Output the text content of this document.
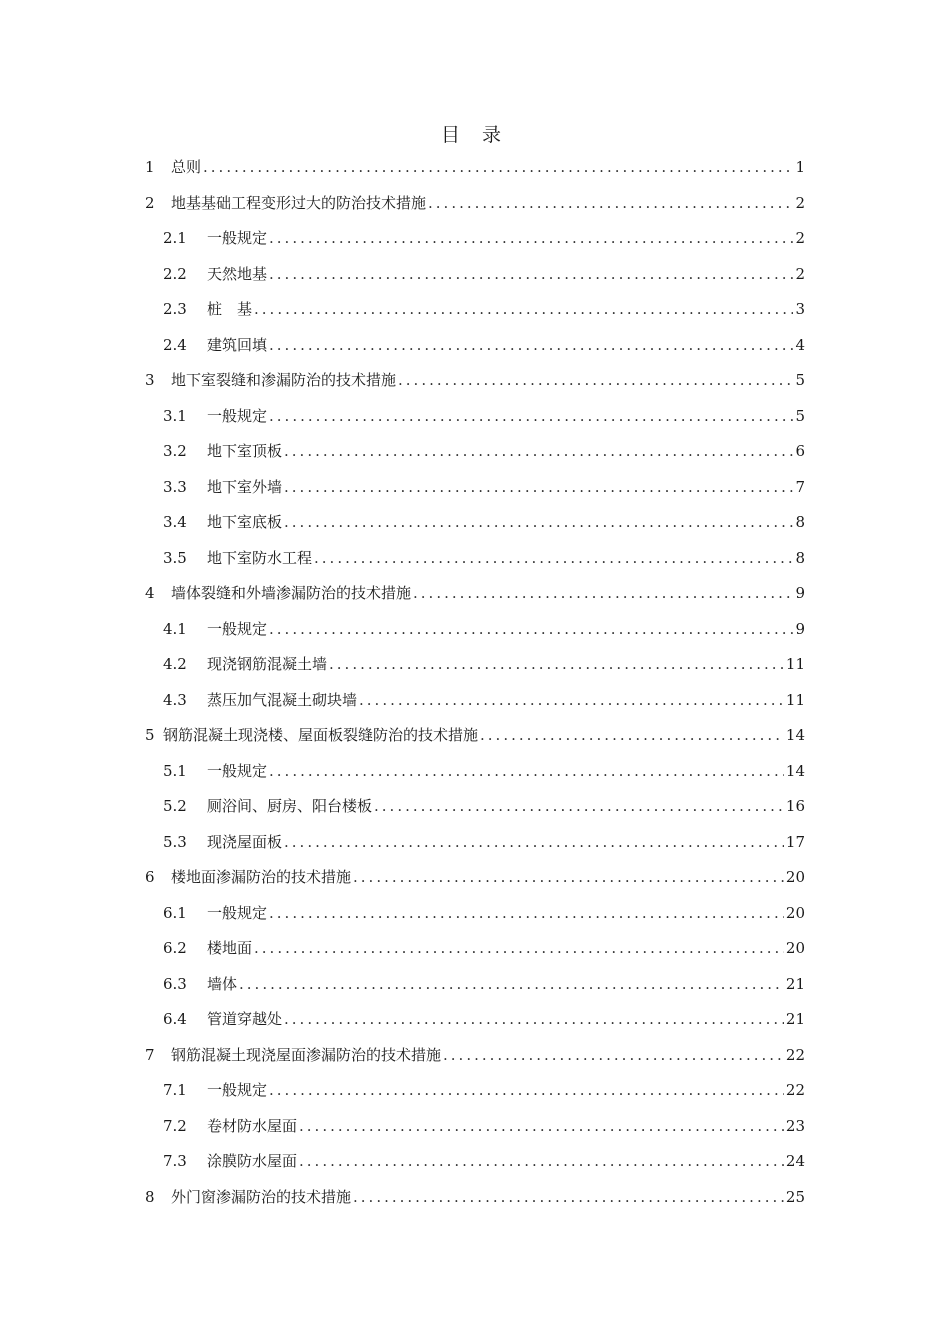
目 录
1	总则 .....	1
2	地基基础工程变形过大的防治技术措施 .....	2
2.1	一般规定 .....	2
2.2	天然地基 .....	2
2.3	桩　基 .....	3
2.4	建筑回填 .....	4
3	地下室裂缝和渗漏防治的技术措施 .....	5
3.1	一般规定 .....	5
3.2	地下室顶板 .....	6
3.3	地下室外墙 .....	7
3.4	地下室底板 .....	8
3.5	地下室防水工程 .....	8
4	墙体裂缝和外墙渗漏防治的技术措施 .....	9
4.1	一般规定 .....	9
4.2	现浇钢筋混凝土墙 .....	11
4.3	蒸压加气混凝土砌块墙 .....	11
5 钢筋混凝土现浇楼、屋面板裂缝防治的技术措施 .....	14
5.1	一般规定 .....	14
5.2	厕浴间、厨房、阳台楼板 .....	16
5.3	现浇屋面板 .....	17
6	楼地面渗漏防治的技术措施 .....	20
6.1	一般规定 .....	20
6.2	楼地面 .....	20
6.3	墙体 .....	21
6.4	管道穿越处 .....	21
7	钢筋混凝土现浇屋面渗漏防治的技术措施 .....	22
7.1	一般规定 .....	22
7.2	卷材防水屋面 .....	23
7.3	涂膜防水屋面 .....	24
8	外门窗渗漏防治的技术措施 .....	25
